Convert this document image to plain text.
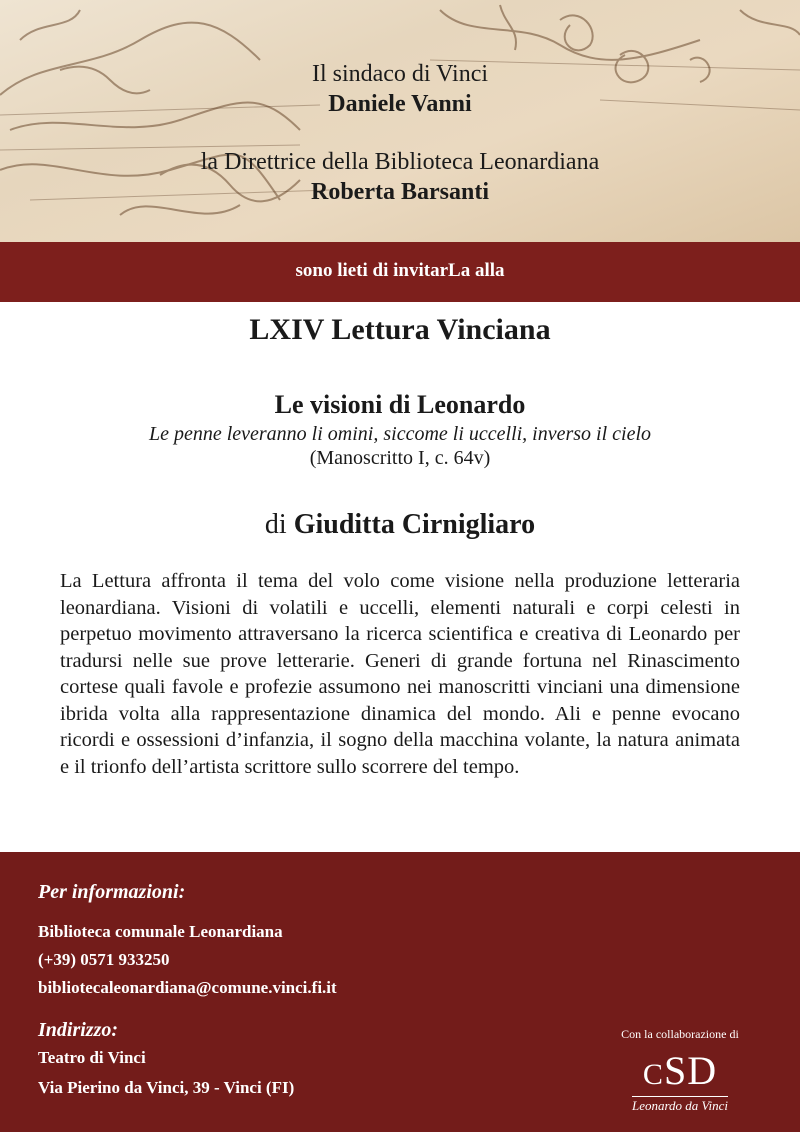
Il sindaco di Vinci
Daniele Vanni
la Direttrice della Biblioteca Leonardiana
Roberta Barsanti
sono lieti di invitarLa alla
LXIV Lettura Vinciana
Le visioni di Leonardo
Le penne leveranno li omini, siccome li uccelli, inverso il cielo
(Manoscritto I, c. 64v)
di Giuditta Cirnigliaro
La Lettura affronta il tema del volo come visione nella produzione letteraria leonardiana. Visioni di volatili e uccelli, elementi naturali e corpi celesti in perpetuo movimento attraversano la ricerca scientifica e creativa di Leonardo per tradursi nelle sue prove letterarie. Generi di grande fortuna nel Rinascimento cortese quali favole e profezie assumono nei manoscritti vinciani una dimensione ibrida volta alla rappresentazione dinamica del mondo. Ali e penne evocano ricordi e ossessioni d’infanzia, il sogno della macchina volante, la natura animata e il trionfo dell’artista scrittore sullo scorrere del tempo.
Per informazioni:
Biblioteca comunale Leonardiana
(+39) 0571 933250
bibliotecaleonardiana@comune.vinci.fi.it
Indirizzo:
Teatro di Vinci
Via Pierino da Vinci, 39 - Vinci (FI)
Con la collaborazione di
CSD
Leonardo da Vinci
